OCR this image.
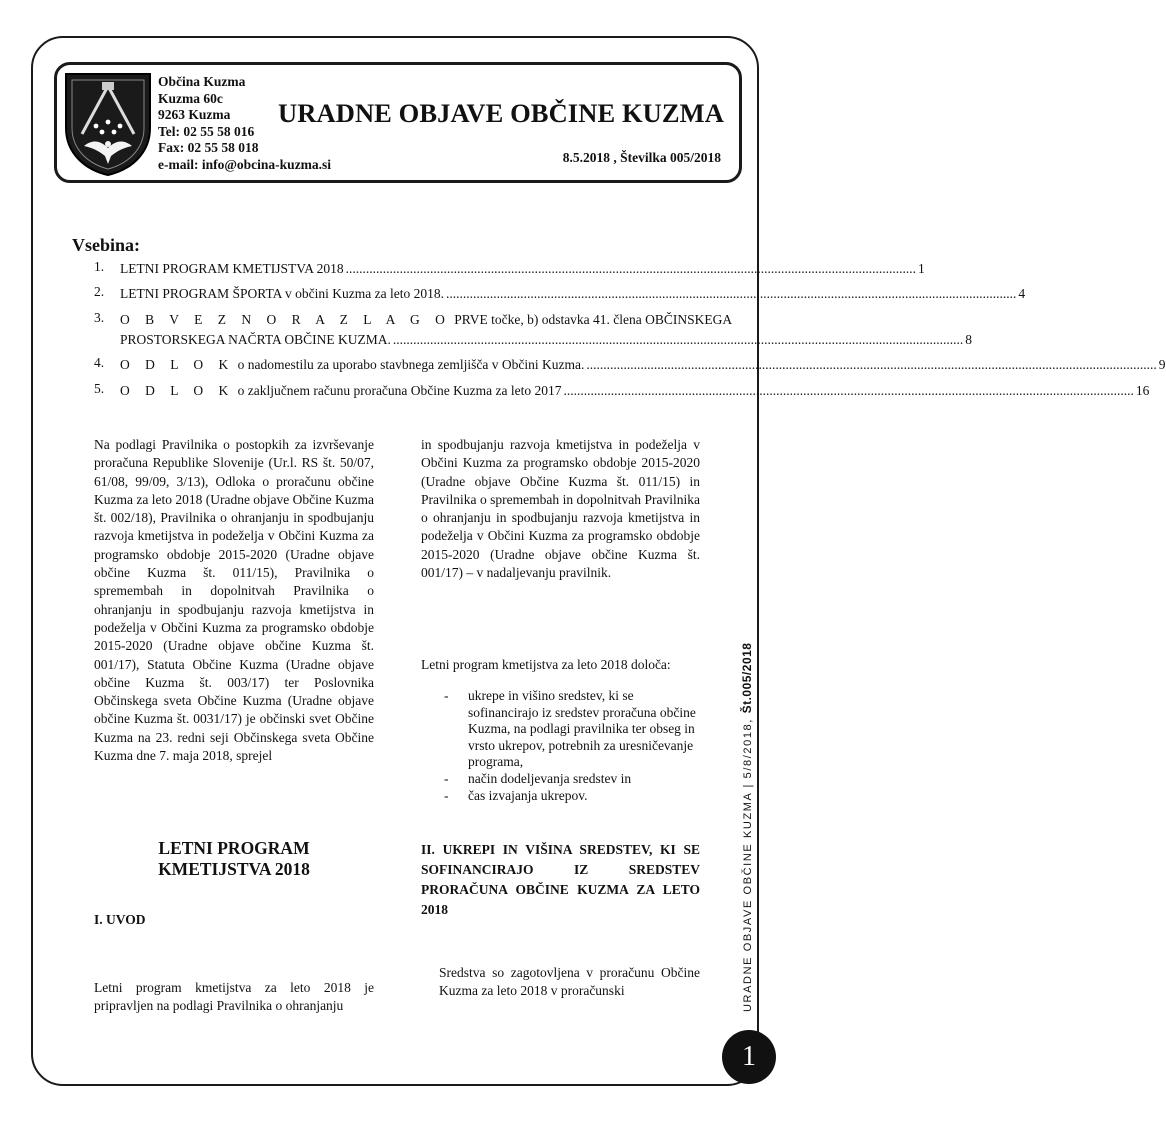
Občina Kuzma
Kuzma 60c
9263 Kuzma
Tel: 02 55 58 016
Fax: 02 55 58 018
e-mail: info@obcina-kuzma.si
URADNE OBJAVE OBČINE KUZMA
8.5.2018 , Številka 005/2018
Vsebina:
1.	LETNI PROGRAM KMETIJSTVA 2018 ......................................................................................................................................................................... 1
2.	LETNI PROGRAM ŠPORTA v občini Kuzma za leto 2018. ......................................................................................................................................................................... 4
3.	O B V E Z N O R A Z L A G O PRVE točke, b) odstavka 41. člena OBČINSKEGA
PROSTORSKEGA NAČRTA OBČINE KUZMA. ......................................................................................................................................................................... 8
4.	O D L O K o nadomestilu za uporabo stavbnega zemljišča v Občini Kuzma. ......................................................................................................................................................................... 9
5.	O D L O K o zaključnem računu proračuna Občine Kuzma za leto 2017 ......................................................................................................................................................................... 16

Na podlagi Pravilnika o postopkih za izvrševanje proračuna Republike Slovenije (Ur.l. RS št. 50/07, 61/08, 99/09, 3/13), Odloka o proračunu občine Kuzma za leto 2018 (Uradne objave Občine Kuzma št. 002/18), Pravilnika o ohranjanju in spodbujanju razvoja kmetijstva in podeželja v Občini Kuzma za programsko obdobje 2015-2020 (Uradne objave občine Kuzma št. 011/15), Pravilnika o spremembah in dopolnitvah Pravilnika o ohranjanju in spodbujanju razvoja kmetijstva in podeželja v Občini Kuzma za programsko obdobje 2015-2020 (Uradne objave občine Kuzma št. 001/17), Statuta Občine Kuzma (Uradne objave občine Kuzma št. 003/17) ter Poslovnika Občinskega sveta Občine Kuzma (Uradne objave občine Kuzma št. 0031/17) je občinski svet Občine Kuzma na 23. redni seji Občinskega sveta Občine Kuzma dne 7. maja 2018, sprejel

LETNI PROGRAM
KMETIJSTVA 2018
I. UVOD
Letni program kmetijstva za leto 2018 je pripravljen na podlagi Pravilnika o ohranjanju

in spodbujanju razvoja kmetijstva in podeželja v Občini Kuzma za programsko obdobje 2015-2020 (Uradne objave Občine Kuzma št. 011/15) in Pravilnika o spremembah in dopolnitvah Pravilnika o ohranjanju in spodbujanju razvoja kmetijstva in podeželja v Občini Kuzma za programsko obdobje 2015-2020 (Uradne objave občine Kuzma št. 001/17) – v nadaljevanju pravilnik.

Letni program kmetijstva za leto 2018 določa:
- ukrepe in višino sredstev, ki se sofinancirajo iz sredstev proračuna občine Kuzma, na podlagi pravilnika ter obseg in vrsto ukrepov, potrebnih za uresničevanje programa,
- način dodeljevanja sredstev in
- čas izvajanja ukrepov.
II. UKREPI IN VIŠINA SREDSTEV, KI SE SOFINANCIRAJO IZ SREDSTEV PRORAČUNA OBČINE KUZMA ZA LETO 2018
Sredstva so zagotovljena v proračunu Občine Kuzma za leto 2018 v proračunski	URADNE OBJAVE OBČINE KUZMA | 5/8/2018, Št.005/2018
1
